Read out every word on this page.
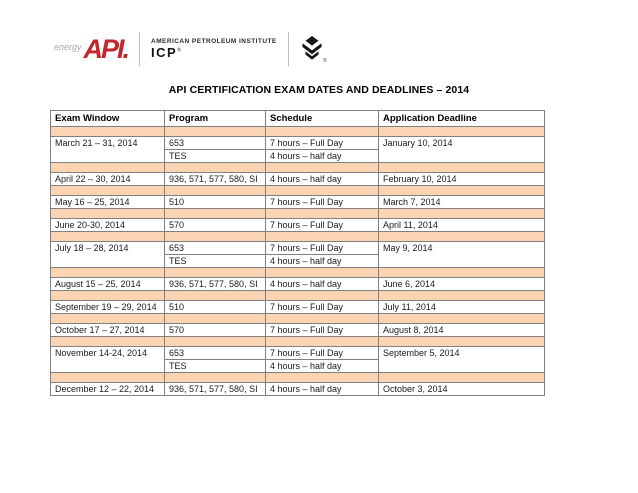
energy API.	AMERICAN PETROLEUM INSTITUTE
ICP®
®
API CERTIFICATION EXAM DATES AND DEADLINES – 2014
Exam Window	Program	Schedule	Application Deadline

March 21 – 31, 2014	653	7 hours – Full Day	January 10, 2014
	TES	4 hours – half day	

April 22 – 30, 2014	936, 571, 577, 580, SI	4 hours – half day	February 10, 2014

May 16 – 25, 2014	510	7 hours – Full Day	March 7, 2014

June 20-30, 2014	570	7 hours – Full Day	April 11, 2014

July 18 – 28, 2014	653	7 hours – Full Day	May 9, 2014
	TES	4 hours – half day	

August 15 – 25, 2014	936, 571, 577, 580, SI	4 hours – half day	June 6, 2014

September 19 – 29, 2014	510	7 hours – Full Day	July 11, 2014

October 17 – 27, 2014	570	7 hours – Full Day	August 8, 2014

November 14-24, 2014	653	7 hours – Full Day	September 5, 2014
	TES	4 hours – half day	

December 12 – 22, 2014	936, 571, 577, 580, SI	4 hours – half day	October 3, 2014
